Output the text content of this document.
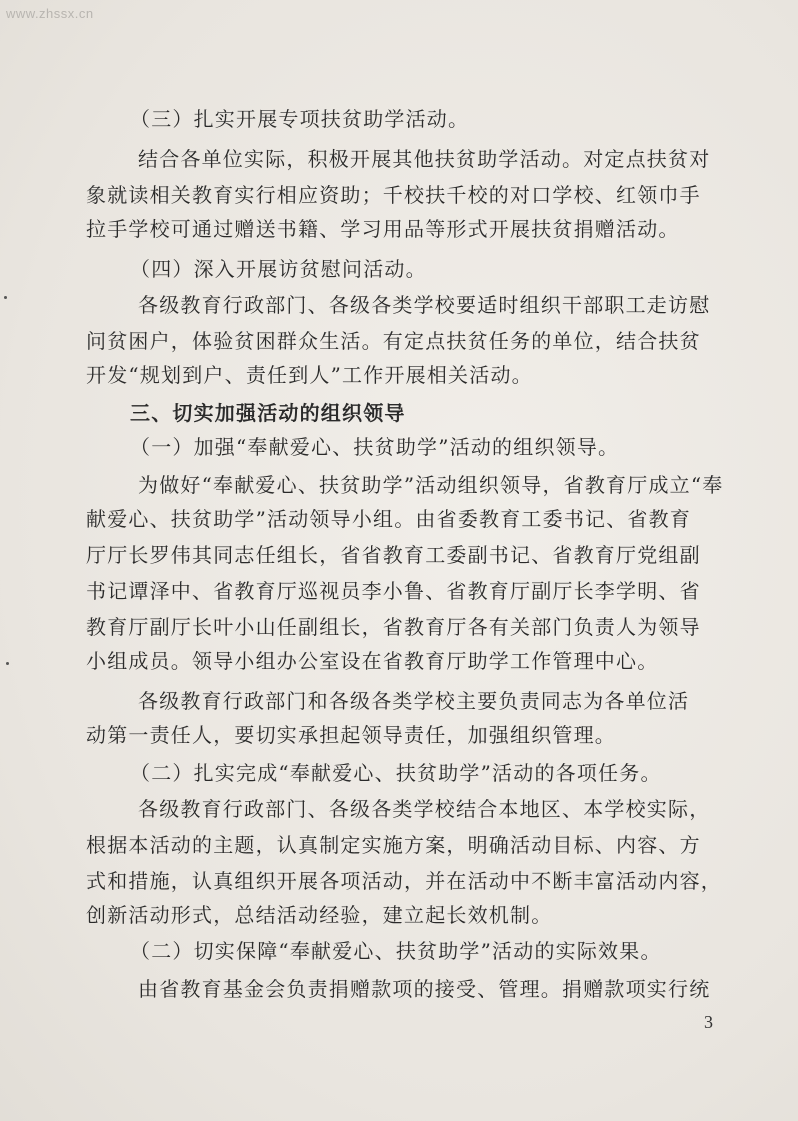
www.zhssx.cn
（三）扎实开展专项扶贫助学活动。
结合各单位实际，积极开展其他扶贫助学活动。对定点扶贫对
象就读相关教育实行相应资助；千校扶千校的对口学校、红领巾手
拉手学校可通过赠送书籍、学习用品等形式开展扶贫捐赠活动。
（四）深入开展访贫慰问活动。
各级教育行政部门、各级各类学校要适时组织干部职工走访慰
问贫困户，体验贫困群众生活。有定点扶贫任务的单位，结合扶贫
开发“规划到户、责任到人”工作开展相关活动。
三、切实加强活动的组织领导
（一）加强“奉献爱心、扶贫助学”活动的组织领导。
为做好“奉献爱心、扶贫助学”活动组织领导，省教育厅成立“奉
献爱心、扶贫助学”活动领导小组。由省委教育工委书记、省教育
厅厅长罗伟其同志任组长，省省教育工委副书记、省教育厅党组副
书记谭泽中、省教育厅巡视员李小鲁、省教育厅副厅长李学明、省
教育厅副厅长叶小山任副组长，省教育厅各有关部门负责人为领导
小组成员。领导小组办公室设在省教育厅助学工作管理中心。
各级教育行政部门和各级各类学校主要负责同志为各单位活
动第一责任人，要切实承担起领导责任，加强组织管理。
（二）扎实完成“奉献爱心、扶贫助学”活动的各项任务。
各级教育行政部门、各级各类学校结合本地区、本学校实际，
根据本活动的主题，认真制定实施方案，明确活动目标、内容、方
式和措施，认真组织开展各项活动，并在活动中不断丰富活动内容，
创新活动形式，总结活动经验，建立起长效机制。
（二）切实保障“奉献爱心、扶贫助学”活动的实际效果。
由省教育基金会负责捐赠款项的接受、管理。捐赠款项实行统
3
